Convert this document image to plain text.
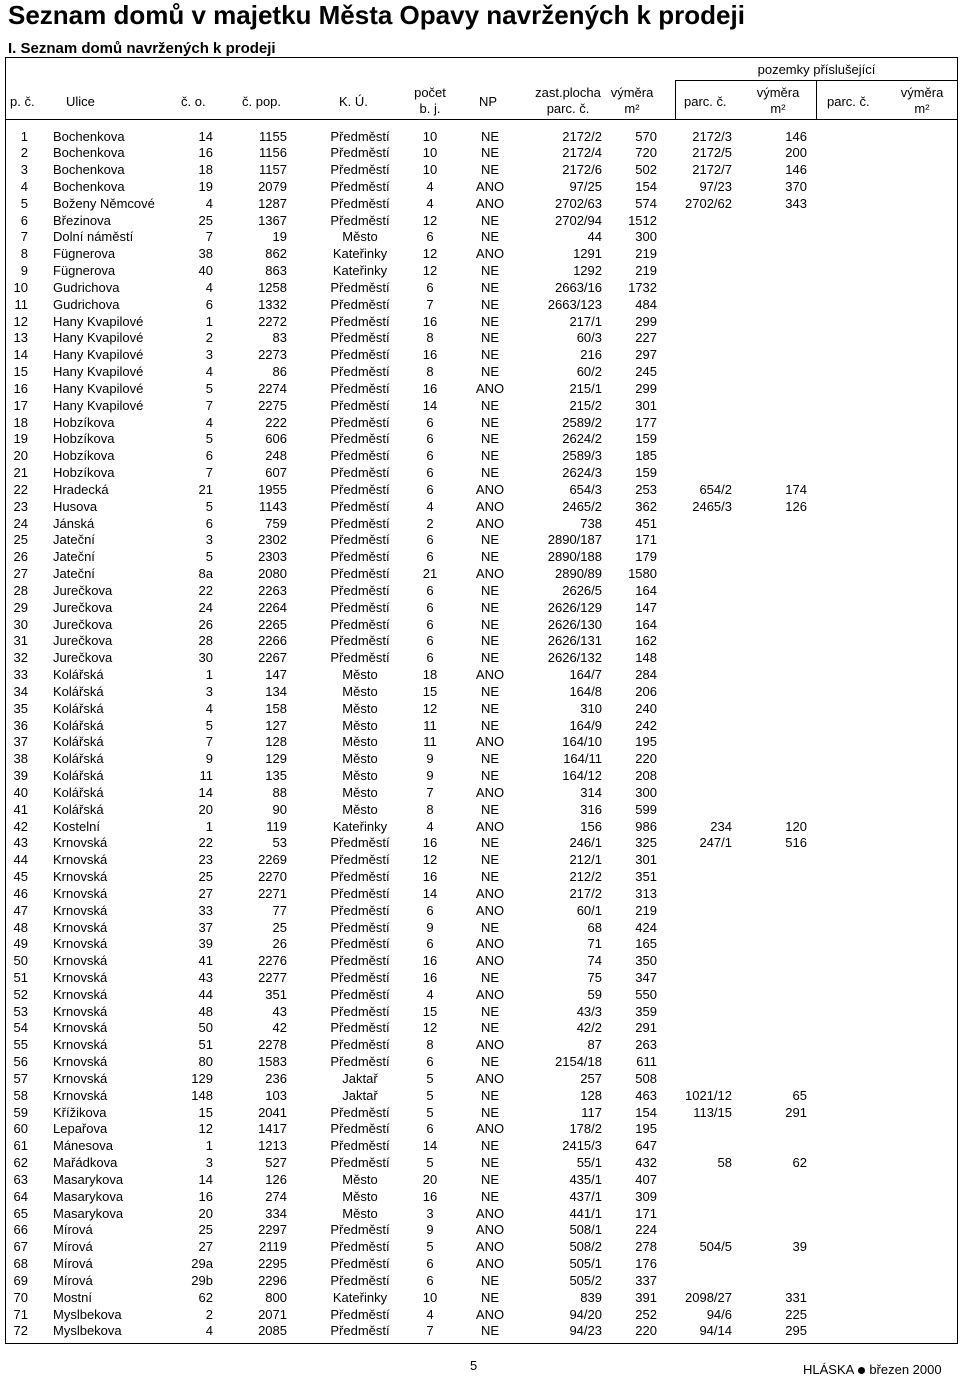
Seznam domů v majetku Města Opavy navržených k prodeji
I. Seznam domů navržených k prodeji
pozemky příslušející
p. č. Ulice	č. o.	č. pop.	K. Ú.
počet
b. j.	NP
zast.plocha
parc. č.
výměra
m²	parc. č.
výměra
m²	parc. č.
výměra
m²
1 Bochenkova	14	1155	Předměstí	10	NE	2172/2	570	2172/3	146
2 Bochenkova	16	1156	Předměstí	10	NE	2172/4	720	2172/5	200
3 Bochenkova	18	1157	Předměstí	10	NE	2172/6	502	2172/7	146
4 Bochenkova	19	2079	Předměstí	4	ANO	97/25	154	97/23	370
5 Boženy Němcové	4	1287	Předměstí	4	ANO	2702/63	574	2702/62	343
6 Březinova	25	1367	Předměstí	12	NE	2702/94	1512
7 Dolní náměstí	7	19	Město	6	NE	44	300
8 Fügnerova	38	862	Kateřinky	12	ANO	1291	219
9 Fügnerova	40	863	Kateřinky	12	NE	1292	219
10 Gudrichova	4	1258	Předměstí	6	NE	2663/16	1732
11 Gudrichova	6	1332	Předměstí	7	NE	2663/123	484
12 Hany Kvapilové	1	2272	Předměstí	16	NE	217/1	299
13 Hany Kvapilové	2	83	Předměstí	8	NE	60/3	227
14 Hany Kvapilové	3	2273	Předměstí	16	NE	216	297
15 Hany Kvapilové	4	86	Předměstí	8	NE	60/2	245
16 Hany Kvapilové	5	2274	Předměstí	16	ANO	215/1	299
17 Hany Kvapilové	7	2275	Předměstí	14	NE	215/2	301
18 Hobzíkova	4	222	Předměstí	6	NE	2589/2	177
19 Hobzíkova	5	606	Předměstí	6	NE	2624/2	159
20 Hobzíkova	6	248	Předměstí	6	NE	2589/3	185
21 Hobzíkova	7	607	Předměstí	6	NE	2624/3	159
22 Hradecká	21	1955	Předměstí	6	ANO	654/3	253	654/2	174
23 Husova	5	1143	Předměstí	4	ANO	2465/2	362	2465/3	126
24 Jánská	6	759	Předměstí	2	ANO	738	451
25 Jateční	3	2302	Předměstí	6	NE	2890/187	171
26 Jateční	5	2303	Předměstí	6	NE	2890/188	179
27 Jateční	8a	2080	Předměstí	21	ANO	2890/89	1580
28 Jurečkova	22	2263	Předměstí	6	NE	2626/5	164
29 Jurečkova	24	2264	Předměstí	6	NE	2626/129	147
30 Jurečkova	26	2265	Předměstí	6	NE	2626/130	164
31 Jurečkova	28	2266	Předměstí	6	NE	2626/131	162
32 Jurečkova	30	2267	Předměstí	6	NE	2626/132	148
33 Kolářská	1	147	Město	18	ANO	164/7	284
34 Kolářská	3	134	Město	15	NE	164/8	206
35 Kolářská	4	158	Město	12	NE	310	240
36 Kolářská	5	127	Město	11	NE	164/9	242
37 Kolářská	7	128	Město	11	ANO	164/10	195
38 Kolářská	9	129	Město	9	NE	164/11	220
39 Kolářská	11	135	Město	9	NE	164/12	208
40 Kolářská	14	88	Město	7	ANO	314	300
41 Kolářská	20	90	Město	8	NE	316	599
42 Kostelní	1	119	Kateřinky	4	ANO	156	986	234	120
43 Krnovská	22	53	Předměstí	16	NE	246/1	325	247/1	516
44 Krnovská	23	2269	Předměstí	12	NE	212/1	301
45 Krnovská	25	2270	Předměstí	16	NE	212/2	351
46 Krnovská	27	2271	Předměstí	14	ANO	217/2	313
47 Krnovská	33	77	Předměstí	6	ANO	60/1	219
48 Krnovská	37	25	Předměstí	9	NE	68	424
49 Krnovská	39	26	Předměstí	6	ANO	71	165
50 Krnovská	41	2276	Předměstí	16	ANO	74	350
51 Krnovská	43	2277	Předměstí	16	NE	75	347
52 Krnovská	44	351	Předměstí	4	ANO	59	550
53 Krnovská	48	43	Předměstí	15	NE	43/3	359
54 Krnovská	50	42	Předměstí	12	NE	42/2	291
55 Krnovská	51	2278	Předměstí	8	ANO	87	263
56 Krnovská	80	1583	Předměstí	6	NE	2154/18	611
57 Krnovská	129	236	Jaktař	5	ANO	257	508
58 Krnovská	148	103	Jaktař	5	NE	128	463	1021/12	65
59 Křížikova	15	2041	Předměstí	5	NE	117	154	113/15	291
60 Lepařova	12	1417	Předměstí	6	ANO	178/2	195
61 Mánesova	1	1213	Předměstí	14	NE	2415/3	647
62 Mařádkova	3	527	Předměstí	5	NE	55/1	432	58	62
63 Masarykova	14	126	Město	20	NE	435/1	407
64 Masarykova	16	274	Město	16	NE	437/1	309
65 Masarykova	20	334	Město	3	ANO	441/1	171
66 Mírová	25	2297	Předměstí	9	ANO	508/1	224
67 Mírová	27	2119	Předměstí	5	ANO	508/2	278	504/5	39
68 Mírová	29a	2295	Předměstí	6	ANO	505/1	176
69 Mírová	29b	2296	Předměstí	6	NE	505/2	337
70 Mostní	62	800	Kateřinky	10	NE	839	391	2098/27	331
71 Myslbekova	2	2071	Předměstí	4	ANO	94/20	252	94/6	225
72 Myslbekova	4	2085	Předměstí	7	NE	94/23	220	94/14	295
5	HLÁSKA březen 2000
